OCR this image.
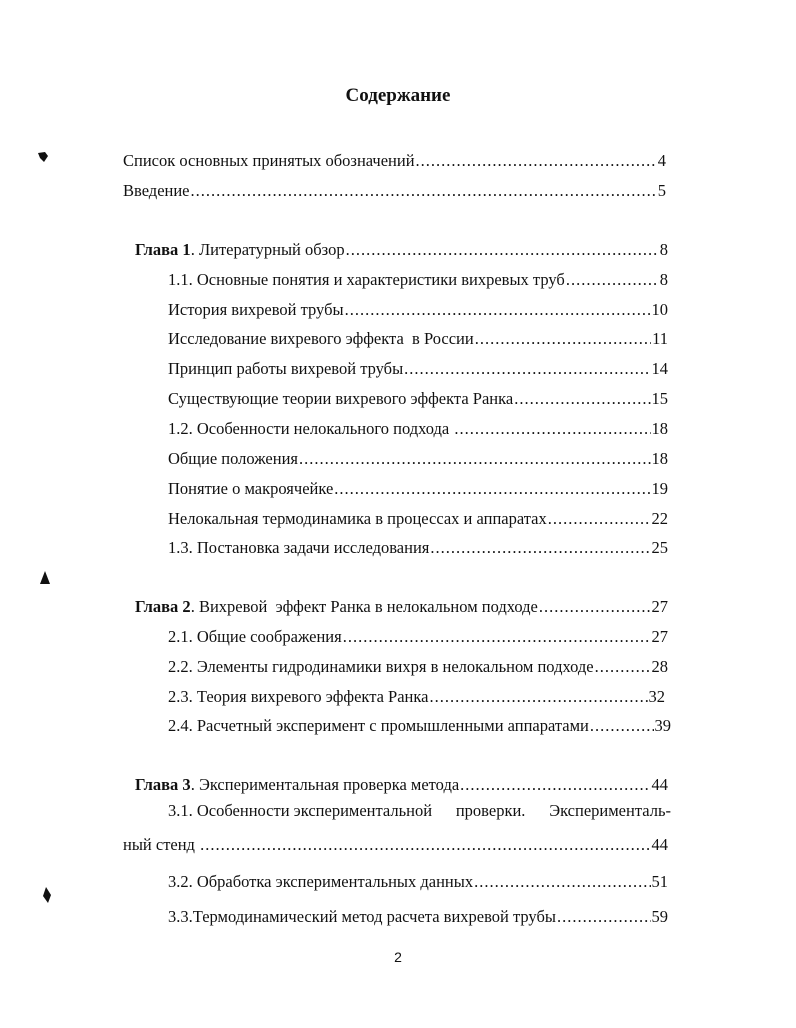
Содержание
Список основных принятых обозначений .....	4
Введение .....	5
Глава 1. Литературный обзор .....	8
1.1. Основные понятия и характеристики вихревых труб .....	8
История вихревой трубы .....	10
Исследование вихревого эффекта  в России .....	11
Принцип работы вихревой трубы .....	14
Существующие теории вихревого эффекта Ранка .....	15
1.2. Особенности нелокального подхода .....	18
Общие положения .....	18
Понятие о макроячейке .....	19
Нелокальная термодинамика в процессах и аппаратах .....	22
1.3. Постановка задачи исследования .....	25
Глава 2. Вихревой  эффект Ранка в нелокальном подходе .....	27
2.1. Общие соображения .....	27
2.2. Элементы гидродинамики вихря в нелокальном подходе .....	28
2.3. Теория вихревого эффекта Ранка .....	32
2.4. Расчетный эксперимент с промышленными аппаратами .....	39
Глава 3. Экспериментальная проверка метода .....	44
3.1. Особенности экспериментальной проверки. Эксперименталь-
ный стенд .....	44
3.2. Обработка экспериментальных данных .....	51
3.3.Термодинамический метод расчета вихревой трубы .....	59
2
